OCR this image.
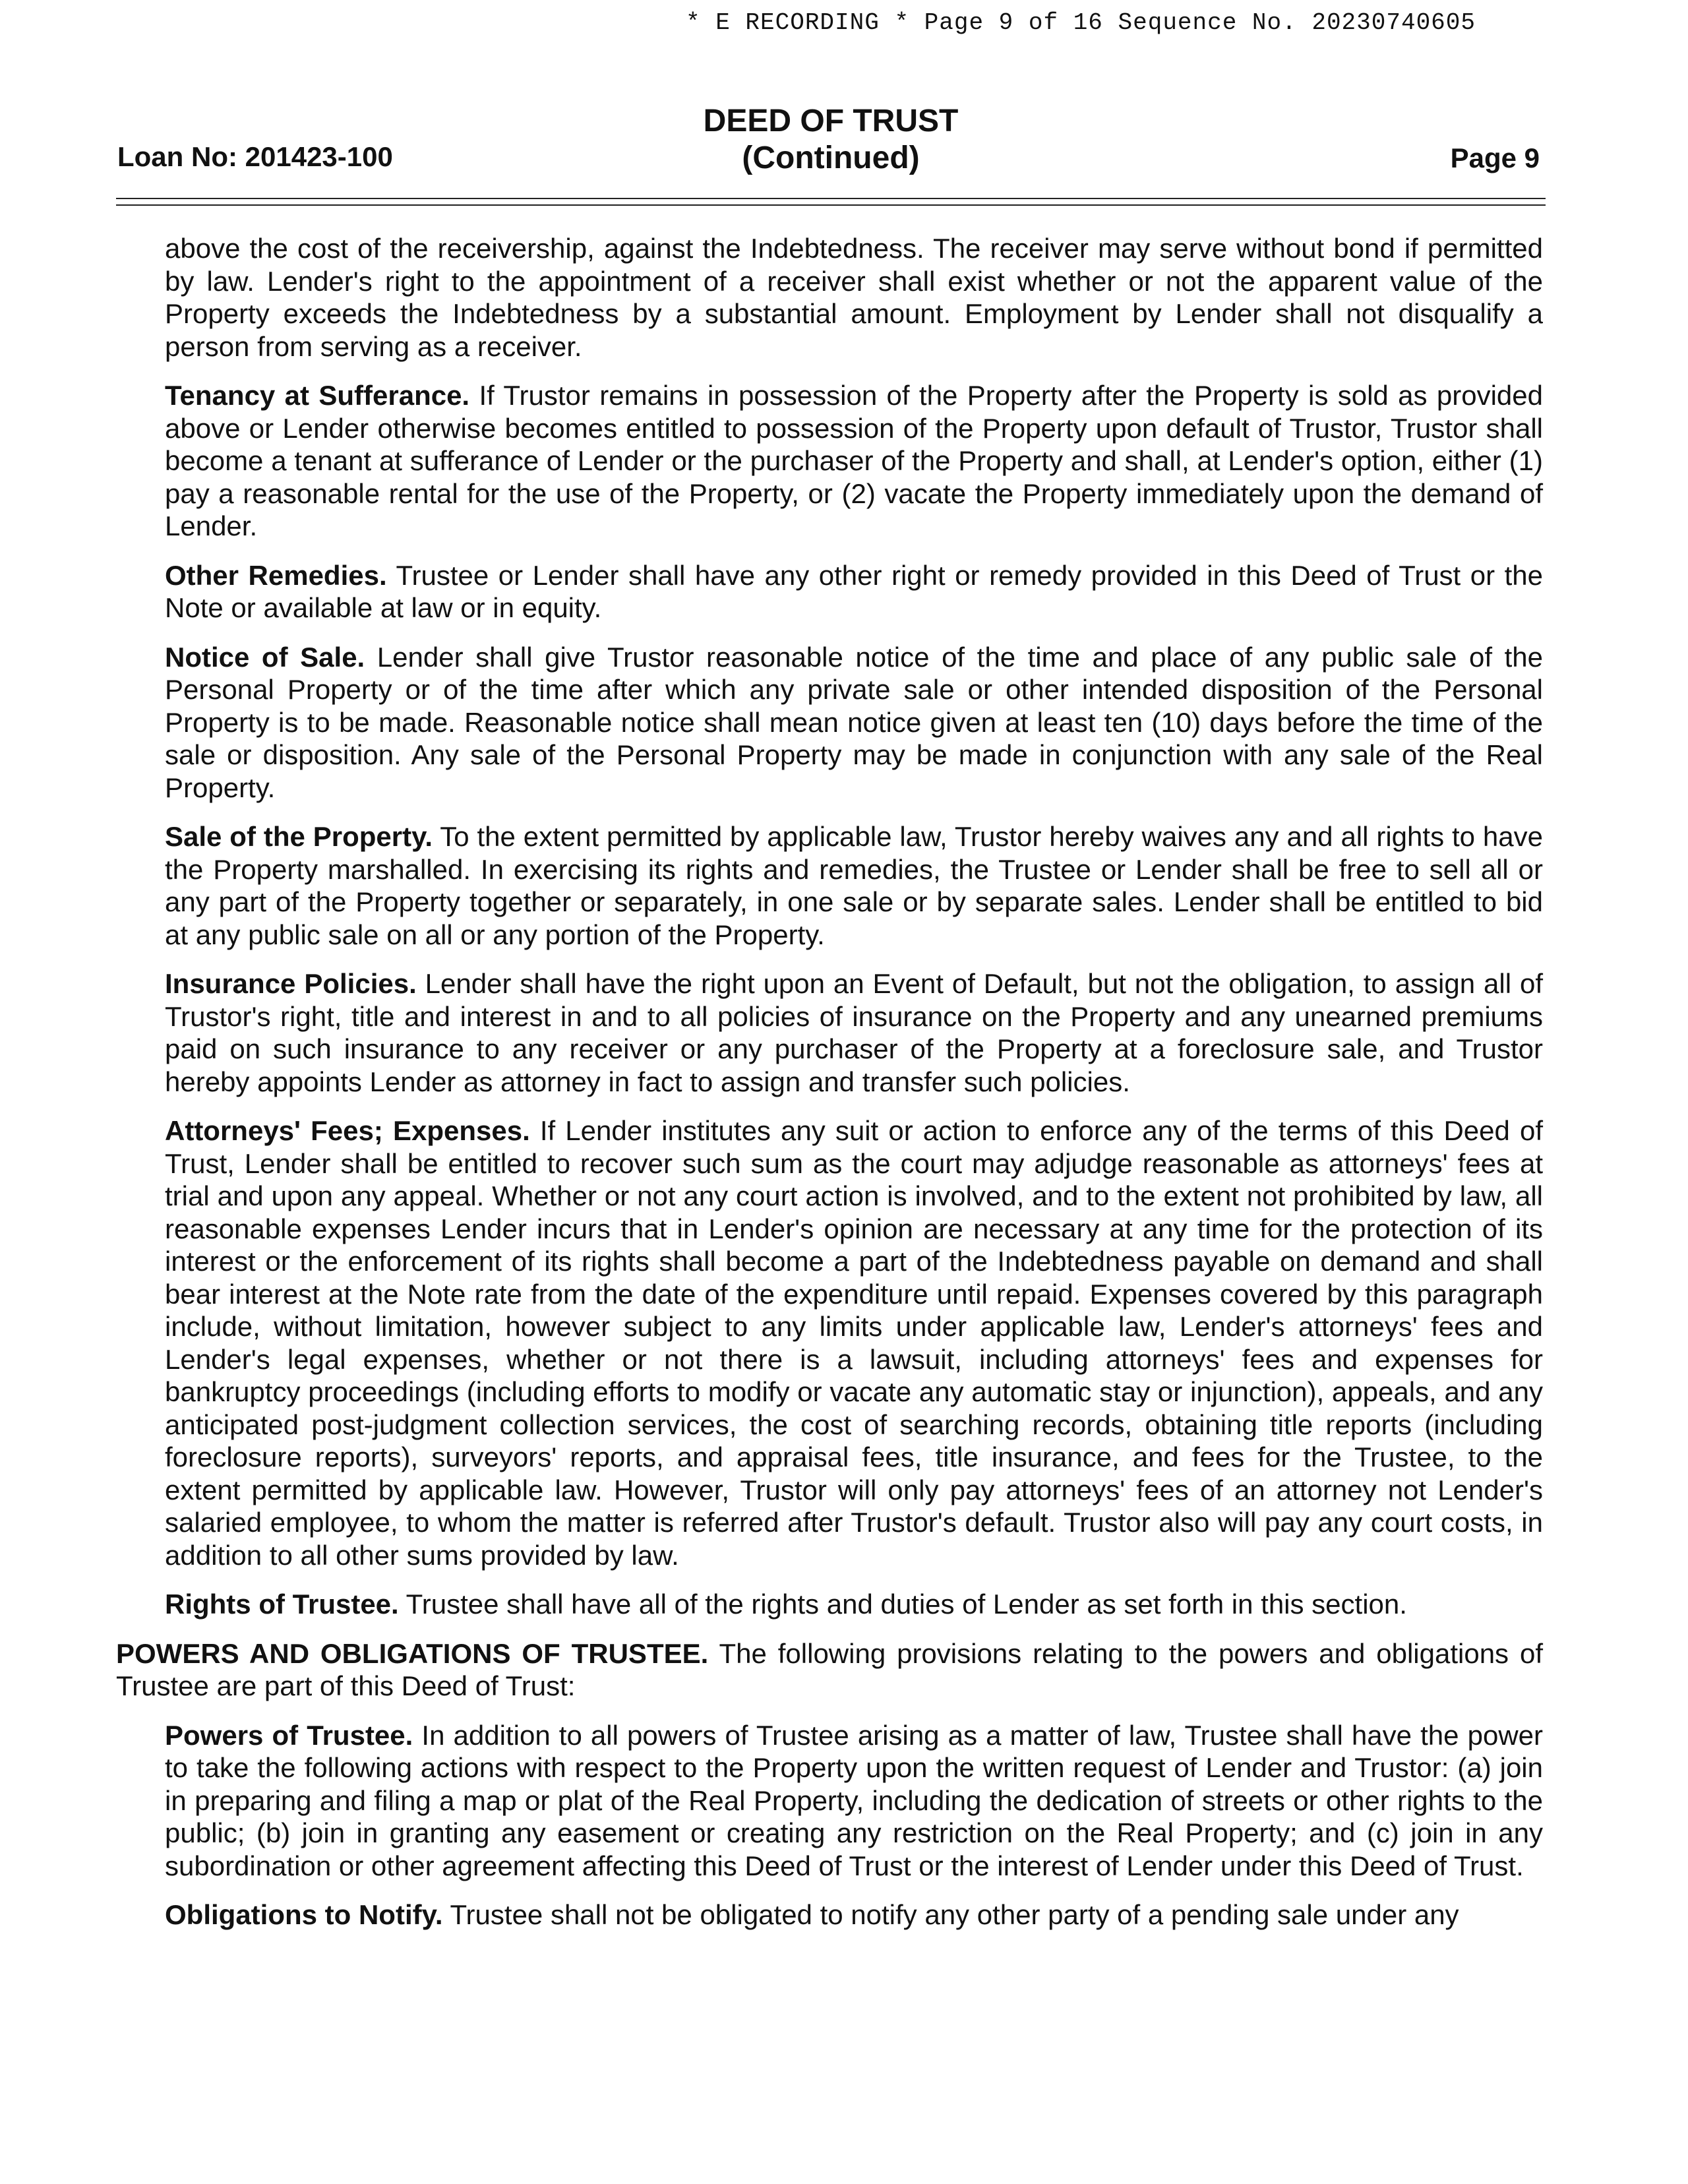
* E RECORDING * Page 9 of 16 Sequence No. 20230740605
Loan No: 201423-100
DEED OF TRUST
(Continued)	Page 9

above the cost of the receivership, against the Indebtedness. The receiver may serve without bond if permitted by law. Lender's right to the appointment of a receiver shall exist whether or not the apparent value of the Property exceeds the Indebtedness by a substantial amount. Employment by Lender shall not disqualify a person from serving as a receiver.

Tenancy at Sufferance. If Trustor remains in possession of the Property after the Property is sold as provided above or Lender otherwise becomes entitled to possession of the Property upon default of Trustor, Trustor shall become a tenant at sufferance of Lender or the purchaser of the Property and shall, at Lender's option, either (1) pay a reasonable rental for the use of the Property, or (2) vacate the Property immediately upon the demand of Lender.

Other Remedies. Trustee or Lender shall have any other right or remedy provided in this Deed of Trust or the Note or available at law or in equity.

Notice of Sale. Lender shall give Trustor reasonable notice of the time and place of any public sale of the Personal Property or of the time after which any private sale or other intended disposition of the Personal Property is to be made. Reasonable notice shall mean notice given at least ten (10) days before the time of the sale or disposition. Any sale of the Personal Property may be made in conjunction with any sale of the Real Property.

Sale of the Property. To the extent permitted by applicable law, Trustor hereby waives any and all rights to have the Property marshalled. In exercising its rights and remedies, the Trustee or Lender shall be free to sell all or any part of the Property together or separately, in one sale or by separate sales. Lender shall be entitled to bid at any public sale on all or any portion of the Property.

Insurance Policies. Lender shall have the right upon an Event of Default, but not the obligation, to assign all of Trustor's right, title and interest in and to all policies of insurance on the Property and any unearned premiums paid on such insurance to any receiver or any purchaser of the Property at a foreclosure sale, and Trustor hereby appoints Lender as attorney in fact to assign and transfer such policies.

Attorneys' Fees; Expenses. If Lender institutes any suit or action to enforce any of the terms of this Deed of Trust, Lender shall be entitled to recover such sum as the court may adjudge reasonable as attorneys' fees at trial and upon any appeal. Whether or not any court action is involved, and to the extent not prohibited by law, all reasonable expenses Lender incurs that in Lender's opinion are necessary at any time for the protection of its interest or the enforcement of its rights shall become a part of the Indebtedness payable on demand and shall bear interest at the Note rate from the date of the expenditure until repaid. Expenses covered by this paragraph include, without limitation, however subject to any limits under applicable law, Lender's attorneys' fees and Lender's legal expenses, whether or not there is a lawsuit, including attorneys' fees and expenses for bankruptcy proceedings (including efforts to modify or vacate any automatic stay or injunction), appeals, and any anticipated post-judgment collection services, the cost of searching records, obtaining title reports (including foreclosure reports), surveyors' reports, and appraisal fees, title insurance, and fees for the Trustee, to the extent permitted by applicable law. However, Trustor will only pay attorneys' fees of an attorney not Lender's salaried employee, to whom the matter is referred after Trustor's default. Trustor also will pay any court costs, in addition to all other sums provided by law.

Rights of Trustee. Trustee shall have all of the rights and duties of Lender as set forth in this section.

POWERS AND OBLIGATIONS OF TRUSTEE. The following provisions relating to the powers and obligations of Trustee are part of this Deed of Trust:

Powers of Trustee. In addition to all powers of Trustee arising as a matter of law, Trustee shall have the power to take the following actions with respect to the Property upon the written request of Lender and Trustor: (a) join in preparing and filing a map or plat of the Real Property, including the dedication of streets or other rights to the public; (b) join in granting any easement or creating any restriction on the Real Property; and (c) join in any subordination or other agreement affecting this Deed of Trust or the interest of Lender under this Deed of Trust.

Obligations to Notify. Trustee shall not be obligated to notify any other party of a pending sale under any
